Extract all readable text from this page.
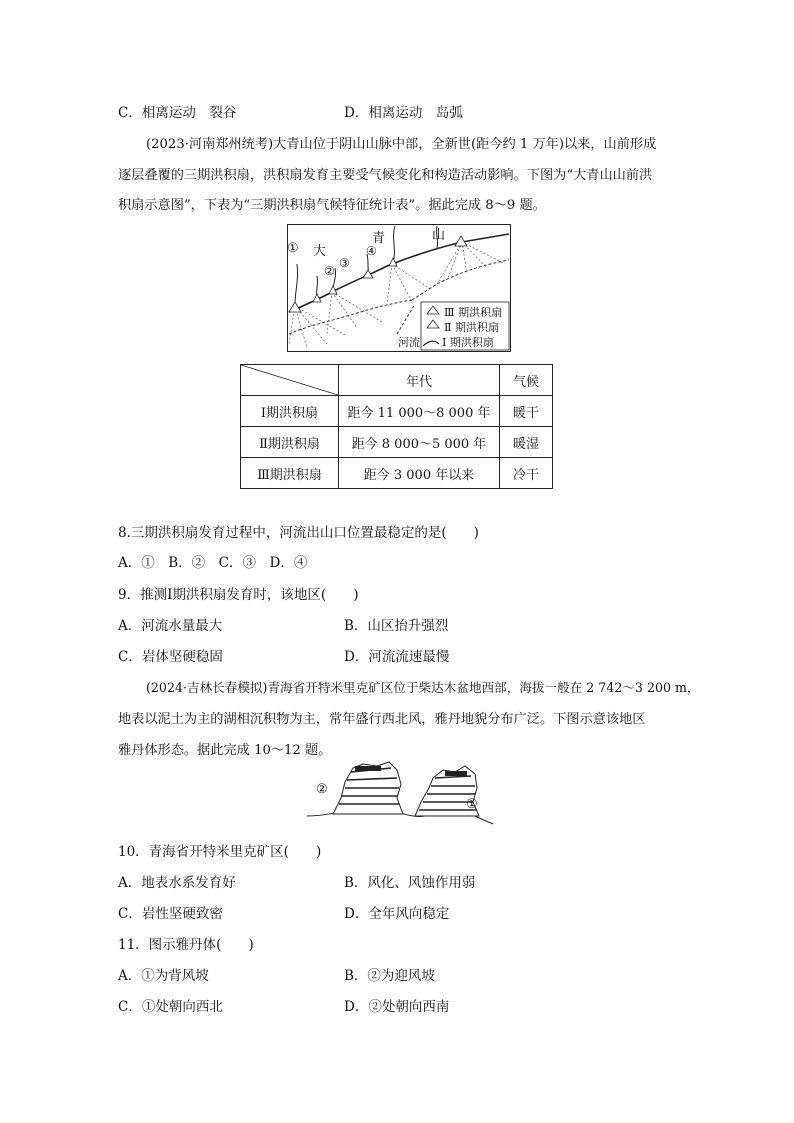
C．相离运动　裂谷	D．相离运动　岛弧
(2023·河南郑州统考)大青山位于阴山山脉中部，全新世(距今约 1 万年)以来，山前形成
逐层叠覆的三期洪积扇，洪积扇发育主要受气候变化和构造活动影响。下图为“大青山山前洪
积扇示意图”，下表为“三期洪积扇气候特征统计表”。据此完成 8～9 题。
大
青	山
①
②
③
④
Ⅲ 期洪积扇
Ⅱ 期洪积扇
Ⅰ 期洪积扇
河流
	年代	气候
Ⅰ期洪积扇	距今 11 000～8 000 年	暖干
Ⅱ期洪积扇	距今 8 000～5 000 年	暖湿
Ⅲ期洪积扇	距今 3 000 年以来	冷干
8.三期洪积扇发育过程中，河流出山口位置最稳定的是(　　)
A．①　B．②　C．③　D．④
9．推测Ⅰ期洪积扇发育时，该地区(　　)
A．河流水量最大	B．山区抬升强烈
C．岩体坚硬稳固	D．河流流速最慢
(2024·吉林长春模拟)青海省开特米里克矿区位于柴达木盆地西部，海拔一般在 2 742～3 200 m，
地表以泥土为主的湖相沉积物为主，常年盛行西北风，雅丹地貌分布广泛。下图示意该地区
雅丹体形态。据此完成 10～12 题。
②
①
10．青海省开特米里克矿区(　　)
A．地表水系发育好	B．风化、风蚀作用弱
C．岩性坚硬致密	D．全年风向稳定
11．图示雅丹体(　　)
A．①为背风坡	B．②为迎风坡
C．①处朝向西北	D．②处朝向西南
